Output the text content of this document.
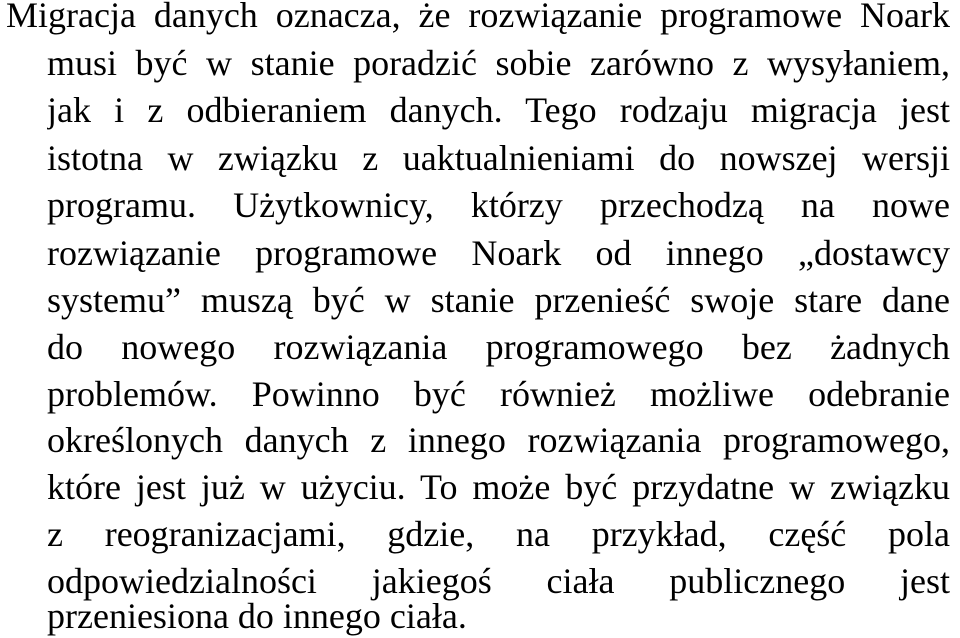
Migracja danych oznacza, że rozwiązanie programowe Noark
musi być w stanie poradzić sobie zarówno z wysyłaniem,
jak i z odbieraniem danych. Tego rodzaju migracja jest
istotna w związku z uaktualnieniami do nowszej wersji
programu. Użytkownicy, którzy przechodzą na nowe
rozwiązanie programowe Noark od innego „dostawcy
systemu” muszą być w stanie przenieść swoje stare dane
do nowego rozwiązania programowego bez żadnych
problemów. Powinno być również możliwe odebranie
określonych danych z innego rozwiązania programowego,
które jest już w użyciu. To może być przydatne w związku
z reogranizacjami, gdzie, na przykład, część pola
odpowiedzialności jakiegoś ciała publicznego jest
przeniesiona do innego ciała.
